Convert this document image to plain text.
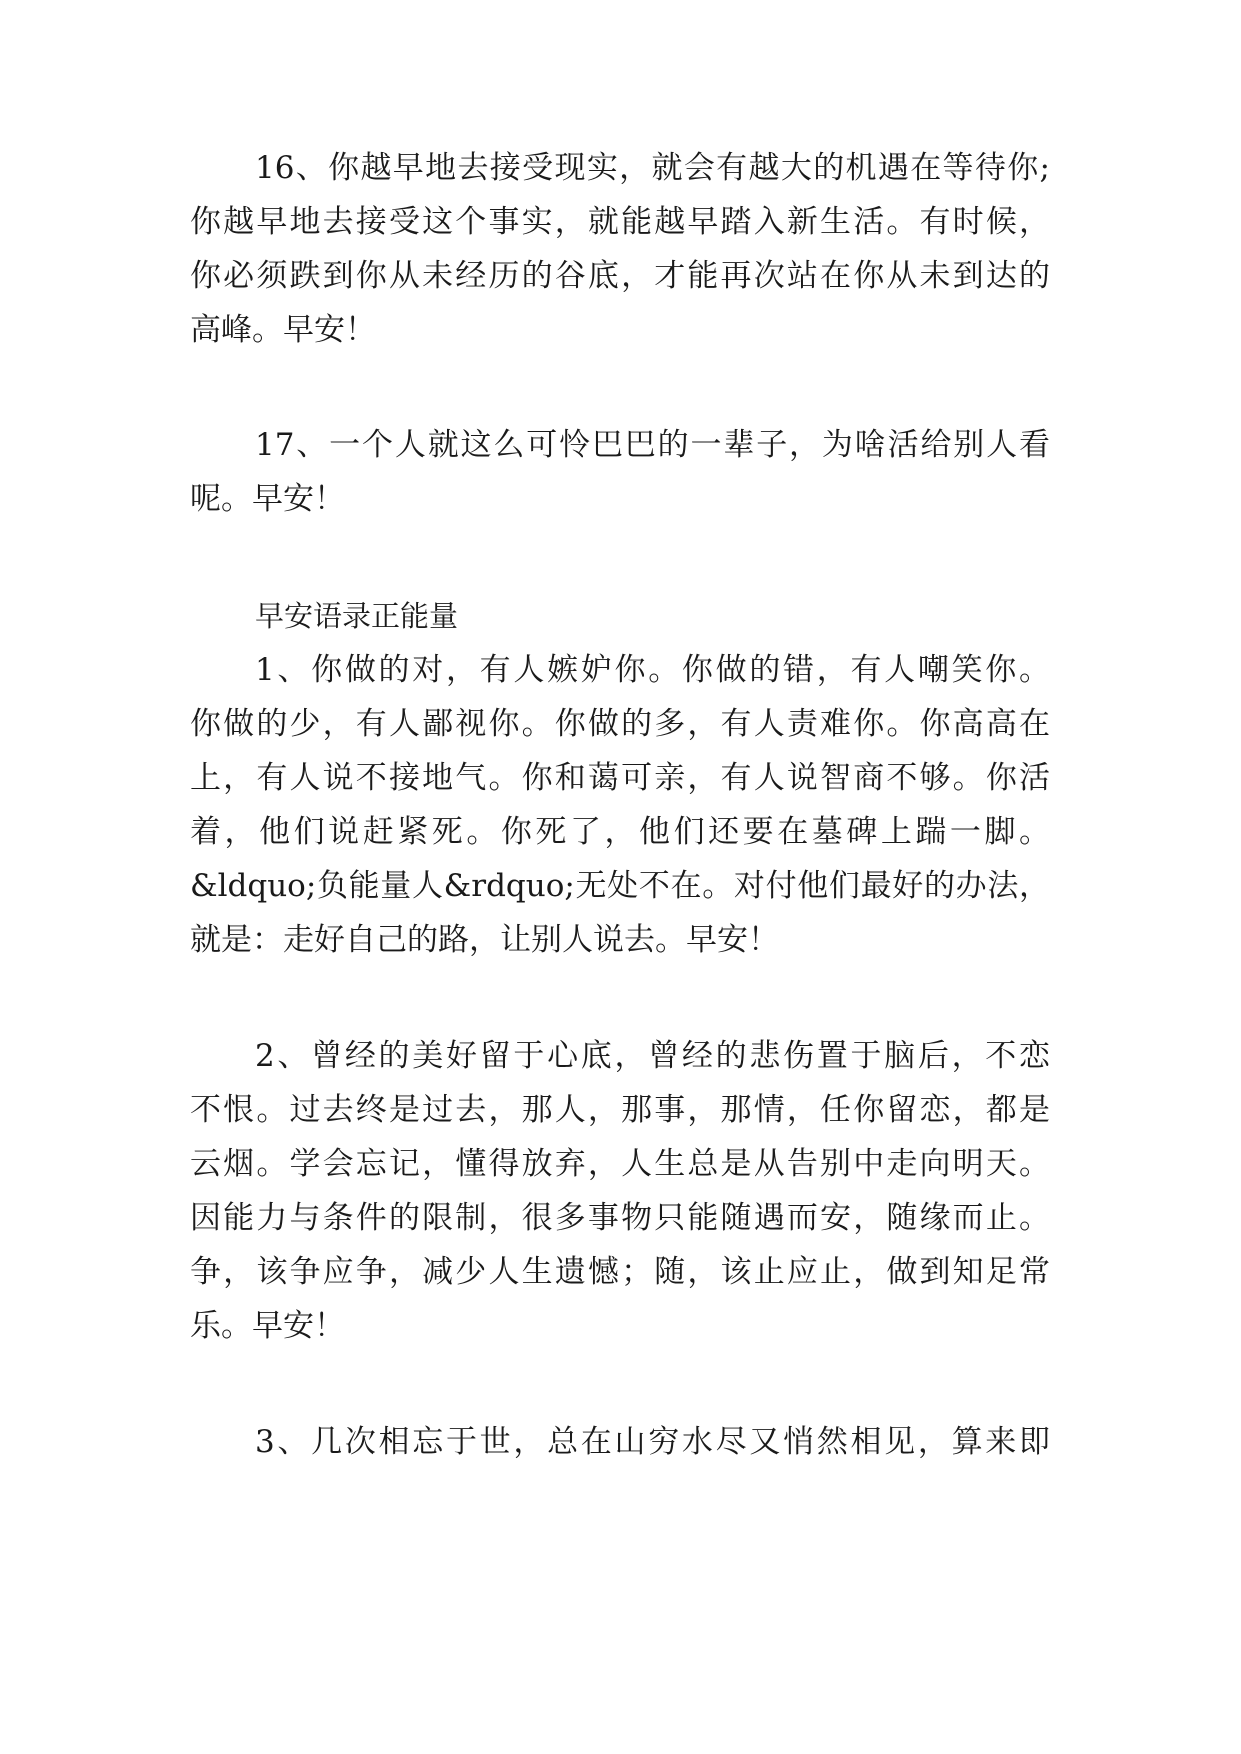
16、你越早地去接受现实，就会有越大的机遇在等待你;
你越早地去接受这个事实，就能越早踏入新生活。有时候，
你必须跌到你从未经历的谷底，才能再次站在你从未到达的
高峰。早安！
17、一个人就这么可怜巴巴的一辈子，为啥活给别人看
呢。早安！
早安语录正能量
1、你做的对，有人嫉妒你。你做的错，有人嘲笑你。
你做的少，有人鄙视你。你做的多，有人责难你。你高高在
上，有人说不接地气。你和蔼可亲，有人说智商不够。你活
着，他们说赶紧死。你死了，他们还要在墓碑上踹一脚。
&ldquo;负能量人&rdquo;无处不在。对付他们最好的办法，
就是：走好自己的路，让别人说去。早安！
2、曾经的美好留于心底，曾经的悲伤置于脑后，不恋
不恨。过去终是过去，那人，那事，那情，任你留恋，都是
云烟。学会忘记，懂得放弃，人生总是从告别中走向明天。
因能力与条件的限制，很多事物只能随遇而安，随缘而止。
争，该争应争，减少人生遗憾；随，该止应止，做到知足常
乐。早安！
3、几次相忘于世，总在山穷水尽又悄然相见，算来即
